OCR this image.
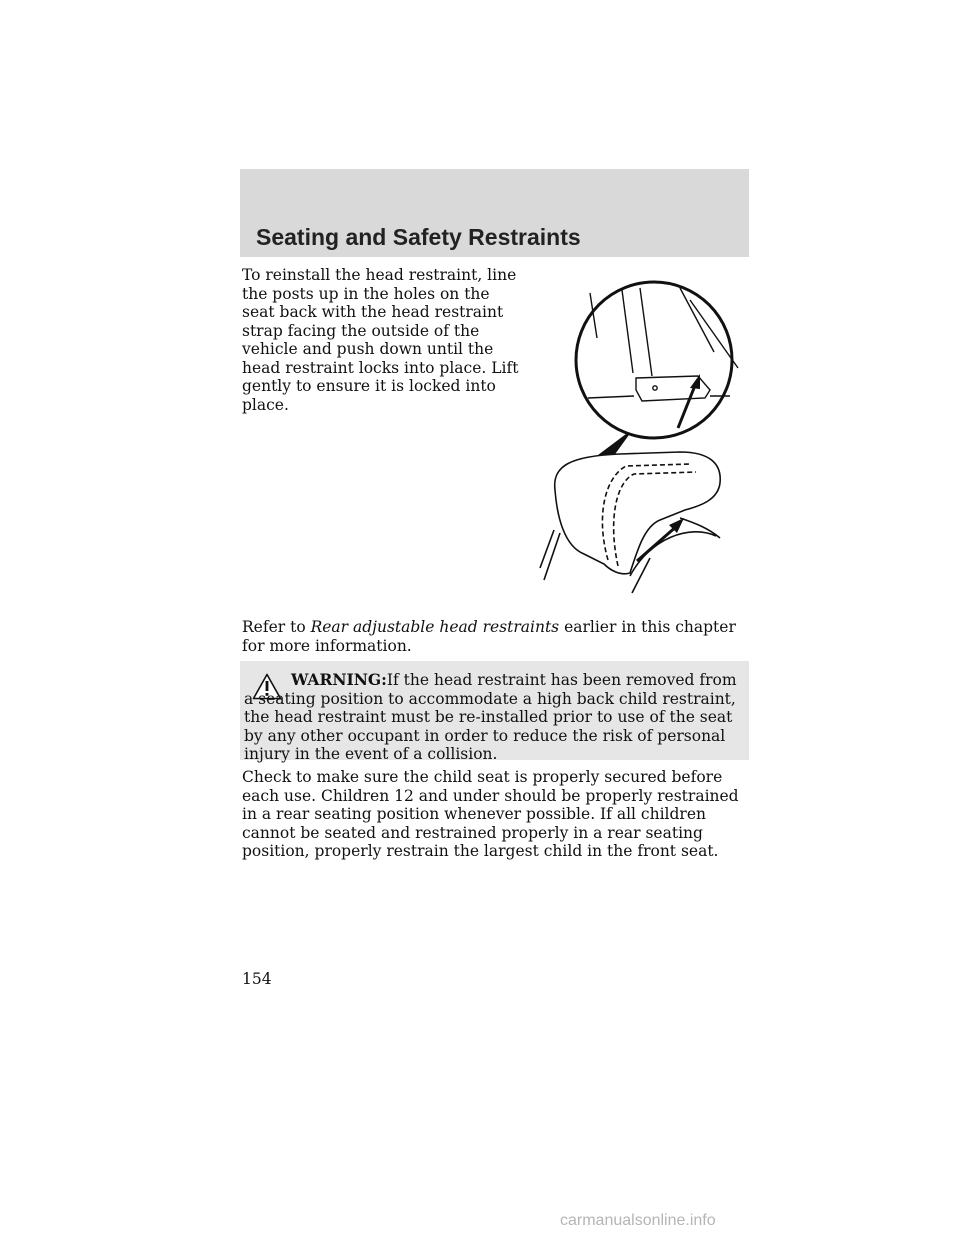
Seating and Safety Restraints
To reinstall the head restraint, line the posts up in the holes on the seat back with the head restraint strap facing the outside of the vehicle and push down until the head restraint locks into place. Lift gently to ensure it is locked into place.
Refer to Rear adjustable head restraints earlier in this chapter for more information.
WARNING:If the head restraint has been removed from a seating position to accommodate a high back child restraint, the head restraint must be re-installed prior to use of the seat by any other occupant in order to reduce the risk of personal injury in the event of a collision.
Check to make sure the child seat is properly secured before each use. Children 12 and under should be properly restrained in a rear seating position whenever possible. If all children cannot be seated and restrained properly in a rear seating position, properly restrain the largest child in the front seat.
154
carmanualsonline.info
